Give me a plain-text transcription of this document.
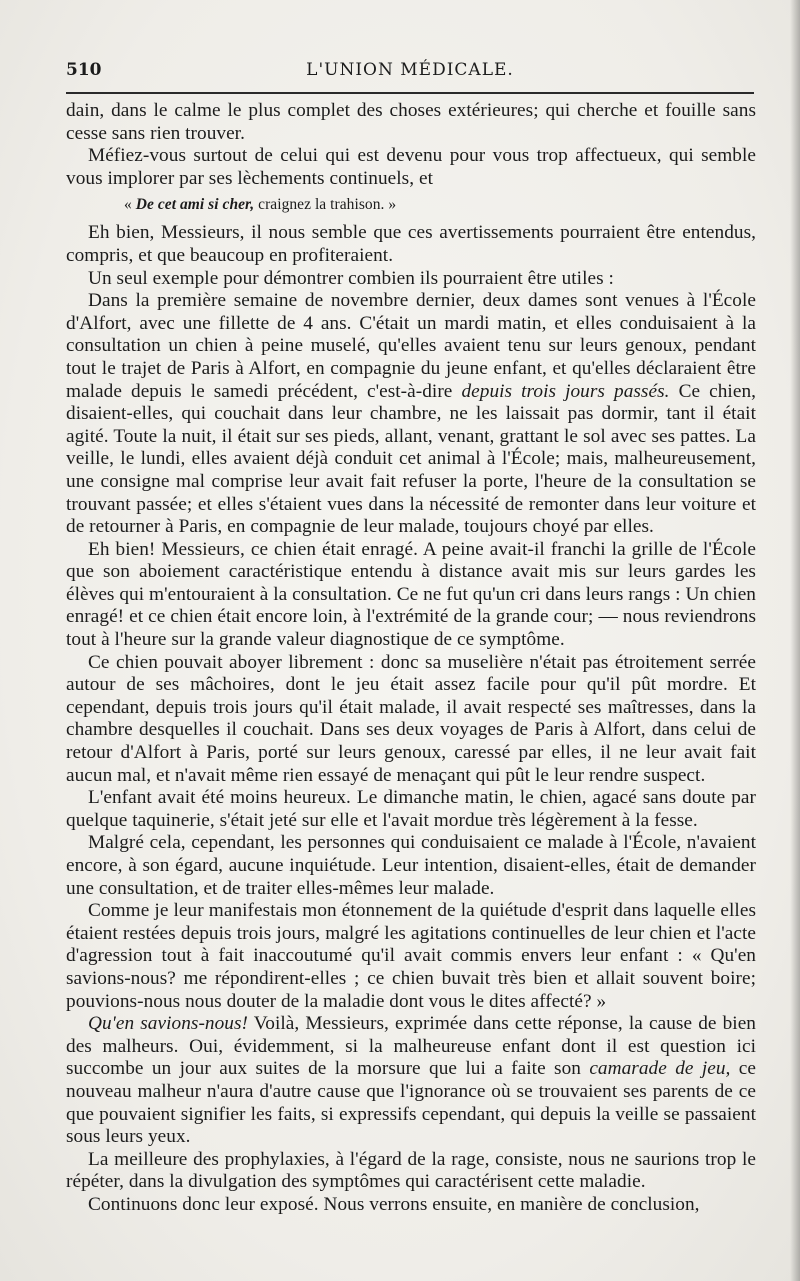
510	L'UNION MÉDICALE.

dain, dans le calme le plus complet des choses extérieures; qui cherche et fouille sans cesse sans rien trouver.

Méfiez-vous surtout de celui qui est devenu pour vous trop affectueux, qui semble vous implorer par ses lèchements continuels, et

« De cet ami si cher, craignez la trahison. »

Eh bien, Messieurs, il nous semble que ces avertissements pourraient être entendus, compris, et que beaucoup en profiteraient.

Un seul exemple pour démontrer combien ils pourraient être utiles :

Dans la première semaine de novembre dernier, deux dames sont venues à l'École d'Alfort, avec une fillette de 4 ans. C'était un mardi matin, et elles conduisaient à la consultation un chien à peine muselé, qu'elles avaient tenu sur leurs genoux, pendant tout le trajet de Paris à Alfort, en compagnie du jeune enfant, et qu'elles déclaraient être malade depuis le samedi précédent, c'est-à-dire depuis trois jours passés. Ce chien, disaient-elles, qui couchait dans leur chambre, ne les laissait pas dormir, tant il était agité. Toute la nuit, il était sur ses pieds, allant, venant, grattant le sol avec ses pattes. La veille, le lundi, elles avaient déjà conduit cet animal à l'École; mais, malheureusement, une consigne mal comprise leur avait fait refuser la porte, l'heure de la consultation se trouvant passée; et elles s'étaient vues dans la nécessité de remonter dans leur voiture et de retourner à Paris, en compagnie de leur malade, toujours choyé par elles.

Eh bien! Messieurs, ce chien était enragé. A peine avait-il franchi la grille de l'École que son aboiement caractéristique entendu à distance avait mis sur leurs gardes les élèves qui m'entouraient à la consultation. Ce ne fut qu'un cri dans leurs rangs : Un chien enragé! et ce chien était encore loin, à l'extrémité de la grande cour; — nous reviendrons tout à l'heure sur la grande valeur diagnostique de ce symptôme.

Ce chien pouvait aboyer librement : donc sa muselière n'était pas étroitement serrée autour de ses mâchoires, dont le jeu était assez facile pour qu'il pût mordre. Et cependant, depuis trois jours qu'il était malade, il avait respecté ses maîtresses, dans la chambre desquelles il couchait. Dans ses deux voyages de Paris à Alfort, dans celui de retour d'Alfort à Paris, porté sur leurs genoux, caressé par elles, il ne leur avait fait aucun mal, et n'avait même rien essayé de menaçant qui pût le leur rendre suspect.

L'enfant avait été moins heureux. Le dimanche matin, le chien, agacé sans doute par quelque taquinerie, s'était jeté sur elle et l'avait mordue très légèrement à la fesse.

Malgré cela, cependant, les personnes qui conduisaient ce malade à l'École, n'avaient encore, à son égard, aucune inquiétude. Leur intention, disaient-elles, était de demander une consultation, et de traiter elles-mêmes leur malade.

Comme je leur manifestais mon étonnement de la quiétude d'esprit dans laquelle elles étaient restées depuis trois jours, malgré les agitations continuelles de leur chien et l'acte d'agression tout à fait inaccoutumé qu'il avait commis envers leur enfant : « Qu'en savions-nous? me répondirent-elles ; ce chien buvait très bien et allait souvent boire; pouvions-nous nous douter de la maladie dont vous le dites affecté? »

Qu'en savions-nous! Voilà, Messieurs, exprimée dans cette réponse, la cause de bien des malheurs. Oui, évidemment, si la malheureuse enfant dont il est question ici succombe un jour aux suites de la morsure que lui a faite son camarade de jeu, ce nouveau malheur n'aura d'autre cause que l'ignorance où se trouvaient ses parents de ce que pouvaient signifier les faits, si expressifs cependant, qui depuis la veille se passaient sous leurs yeux.

La meilleure des prophylaxies, à l'égard de la rage, consiste, nous ne saurions trop le répéter, dans la divulgation des symptômes qui caractérisent cette maladie.

Continuons donc leur exposé. Nous verrons ensuite, en manière de conclusion,
